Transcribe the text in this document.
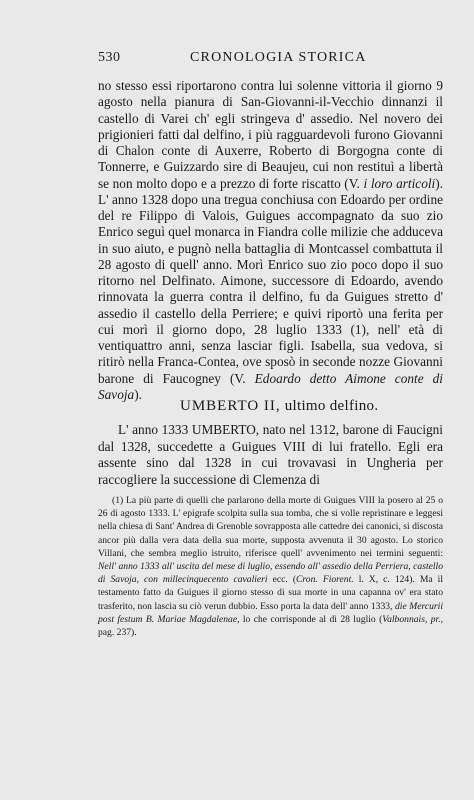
530	CRONOLOGIA STORICA

no stesso essi riportarono contra lui solenne vittoria il giorno 9 agosto nella pianura di San-Giovanni-il-Vecchio dinnanzi il castello di Varei ch' egli stringeva d' assedio. Nel novero dei prigionieri fatti dal delfino, i più ragguardevoli furono Giovanni di Chalon conte di Auxerre, Roberto di Borgogna conte di Tonnerre, e Guizzardo sire di Beaujeu, cui non restituì a libertà se non molto dopo e a prezzo di forte riscatto (V. i loro articoli). L' anno 1328 dopo una tregua conchiusa con Edoardo per ordine del re Filippo di Valois, Guigues accompagnato da suo zio Enrico seguì quel monarca in Fiandra colle milizie che adduceva in suo aiuto, e pugnò nella battaglia di Montcassel combattuta il 28 agosto di quell' anno. Morì Enrico suo zio poco dopo il suo ritorno nel Delfinato. Aimone, successore di Edoardo, avendo rinnovata la guerra contra il delfino, fu da Guigues stretto d' assedio il castello della Perriere; e quivi riportò una ferita per cui morì il giorno dopo, 28 luglio 1333 (1), nell' età di ventiquattro anni, senza lasciar figli. Isabella, sua vedova, si ritirò nella Franca-Contea, ove sposò in seconde nozze Giovanni barone di Faucogney (V. Edoardo detto Aimone conte di Savoja).

UMBERTO II, ultimo delfino.

L' anno 1333 UMBERTO, nato nel 1312, barone di Faucigni dal 1328, succedette a Guigues VIII di lui fratello. Egli era assente sino dal 1328 in cui trovavasi in Ungheria per raccogliere la successione di Clemenza di

(1) La più parte di quelli che parlarono della morte di Guigues VIII la posero al 25 o 26 di agosto 1333. L' epigrafe scolpita sulla sua tomba, che si volle reprìstinare e leggesi nella chiesa di Sant' Andrea di Grenoble sovrapposta alle cattedre dei canonici, si discosta ancor più dalla vera data della sua morte, supposta avvenuta il 30 agosto. Lo storico Villani, che sembra meglio istruito, riferisce quell' avvenimento nei termini seguenti: Nell' anno 1333 all' uscita del mese di luglio, essendo all' assedio della Perriera, castello di Savoja, con millecinquecento cavalieri ecc. (Cron. Fiorent. l. X, c. 124). Ma il testamento fatto da Guigues il giorno stesso di sua morte in una capanna ov' era stato trasferito, non lascia su ciò verun dubbio. Esso porta la data dell' anno 1333, die Mercurii post festum B. Mariae Magdalenae, lo che corrisponde al dì 28 luglio (Valbonnais, pr., pag. 237).
